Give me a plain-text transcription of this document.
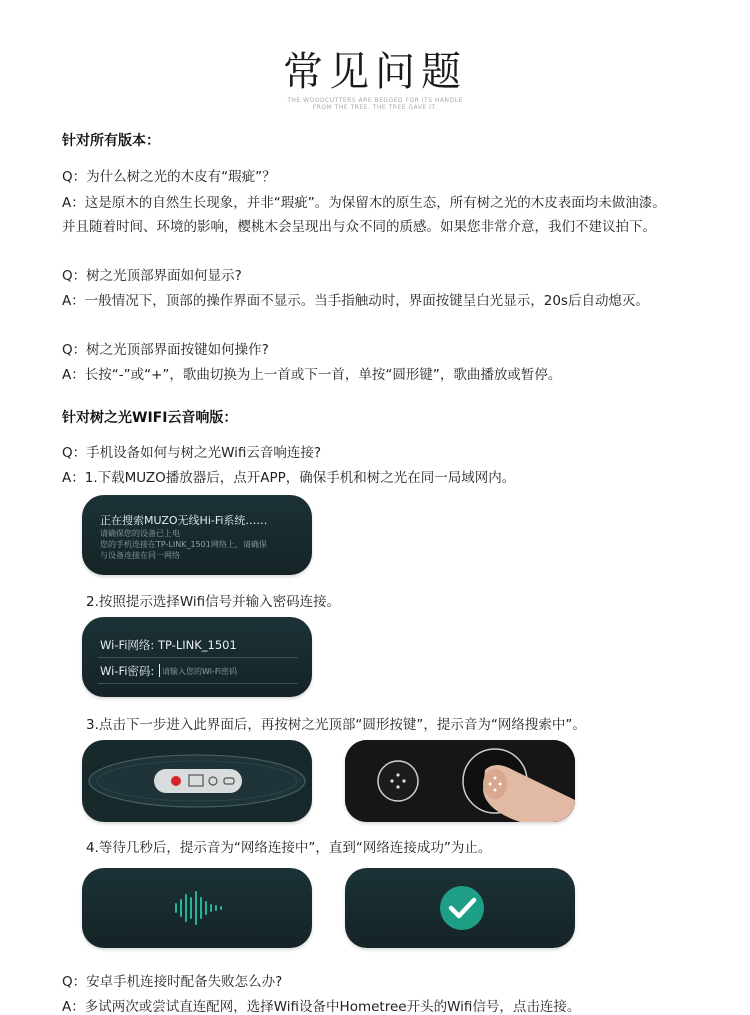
常见问题
THE WOODCUTTERS ARE BEGGED FOR ITS HANDLE
FROM THE TREE. THE TREE GAVE IT.
针对所有版本：
Q：为什么树之光的木皮有“瑕疵”？
A：这是原木的自然生长现象，并非“瑕疵”。为保留木的原生态，所有树之光的木皮表面均未做油漆。
并且随着时间、环境的影响，樱桃木会呈现出与众不同的质感。如果您非常介意，我们不建议拍下。
Q：树之光顶部界面如何显示?
A：一般情况下，顶部的操作界面不显示。当手指触动时，界面按键呈白光显示，20s后自动熄灭。
Q：树之光顶部界面按键如何操作?
A：长按“-”或“+”，歌曲切换为上一首或下一首，单按“圆形键”，歌曲播放或暂停。
针对树之光WIFI云音响版：
Q：手机设备如何与树之光Wifi云音响连接?
A：1.下载MUZO播放器后，点开APP，确保手机和树之光在同一局域网内。
正在搜索MUZO无线Hi-Fi系统……
请确保您的设备已上电
您的手机连接在TP-LINK_1501网络上，请确保
与设备连接在同一网络
2.按照提示选择Wifi信号并输入密码连接。
Wi-Fi网络: TP-LINK_1501
Wi-Fi密码: 请输入您的Wi-Fi密码
3.点击下一步进入此界面后，再按树之光顶部“圆形按键”，提示音为“网络搜索中”。
4.等待几秒后，提示音为“网络连接中”，直到“网络连接成功”为止。
Q：安卓手机连接时配备失败怎么办?
A：多试两次或尝试直连配网，选择Wifi设备中Hometree开头的Wifi信号，点击连接。
